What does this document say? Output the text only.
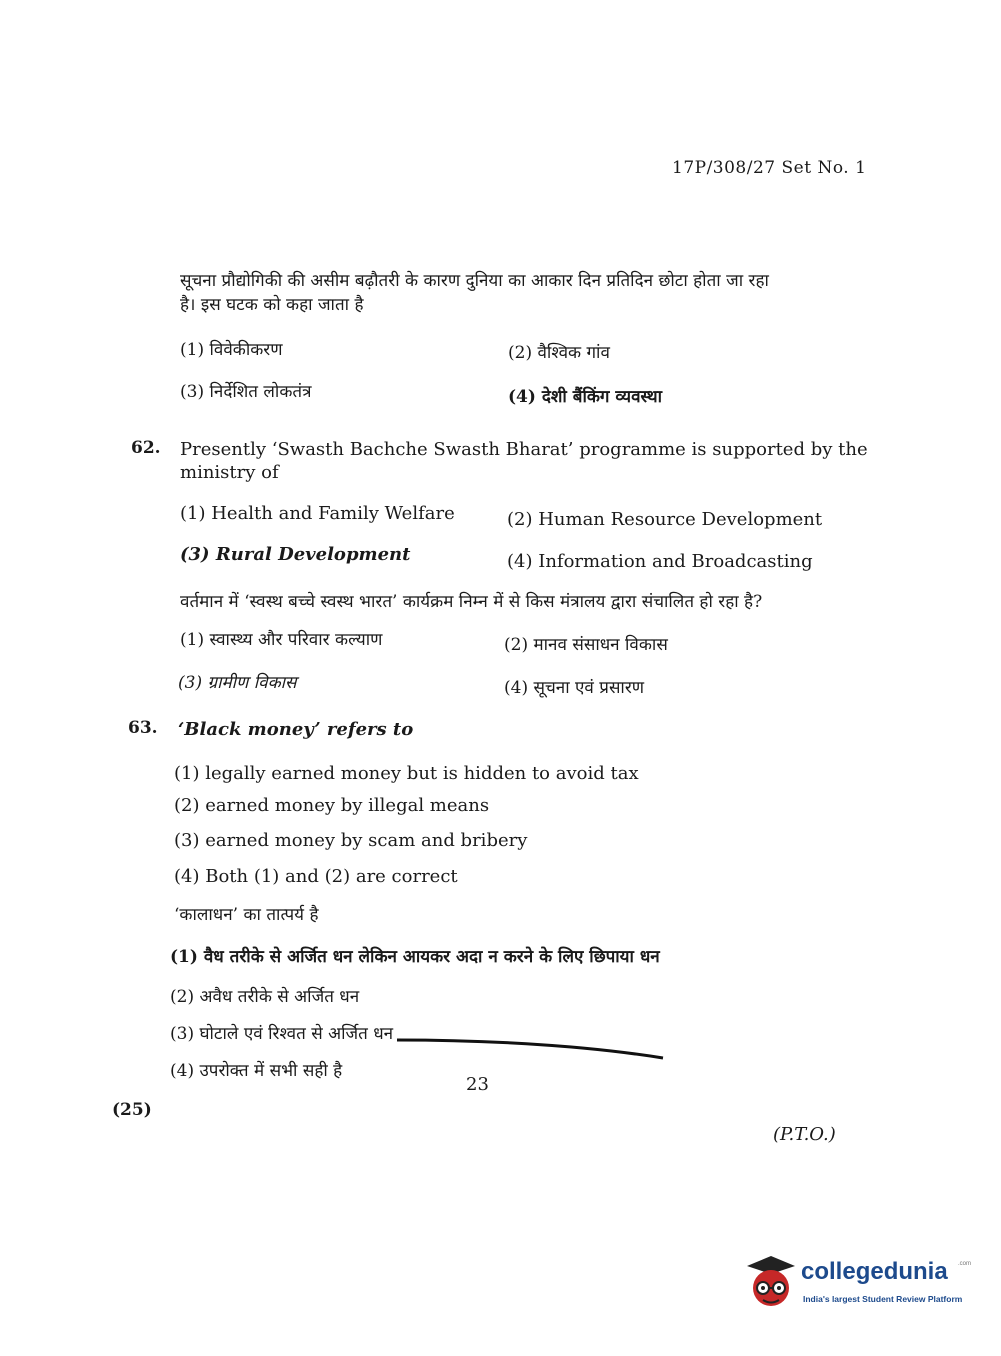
17P/308/27 Set No. 1
सूचना प्रौद्योगिकी की असीम बढ़ौतरी के कारण दुनिया का आकार दिन प्रतिदिन छोटा होता जा रहा
है। इस घटक को कहा जाता है
(1) विवेकीकरण	(2) वैश्विक गांव
(3) निर्देशित लोकतंत्र	(4) देशी बैंकिंग व्यवस्था
62. Presently ‘Swasth Bachche Swasth Bharat’ programme is supported by the
ministry of
(1) Health and Family Welfare	(2) Human Resource Development
(3) Rural Development	(4) Information and Broadcasting
वर्तमान में ‘स्वस्थ बच्चे स्वस्थ भारत’ कार्यक्रम निम्न में से किस मंत्रालय द्वारा संचालित हो रहा है?
(1) स्वास्थ्य और परिवार कल्याण	(2) मानव संसाधन विकास
(3) ग्रामीण विकास	(4) सूचना एवं प्रसारण
63. ‘Black money’ refers to
(1) legally earned money but is hidden to avoid tax
(2) earned money by illegal means
(3) earned money by scam and bribery
(4) Both (1) and (2) are correct
‘कालाधन’ का तात्पर्य है
(1) वैध तरीके से अर्जित धन लेकिन आयकर अदा न करने के लिए छिपाया धन
(2) अवैध तरीके से अर्जित धन
(3) घोटाले एवं रिश्वत से अर्जित धन
(4) उपरोक्त में सभी सही है
23
(25)
(P.T.O.)
collegedunia .com
India's largest Student Review Platform
